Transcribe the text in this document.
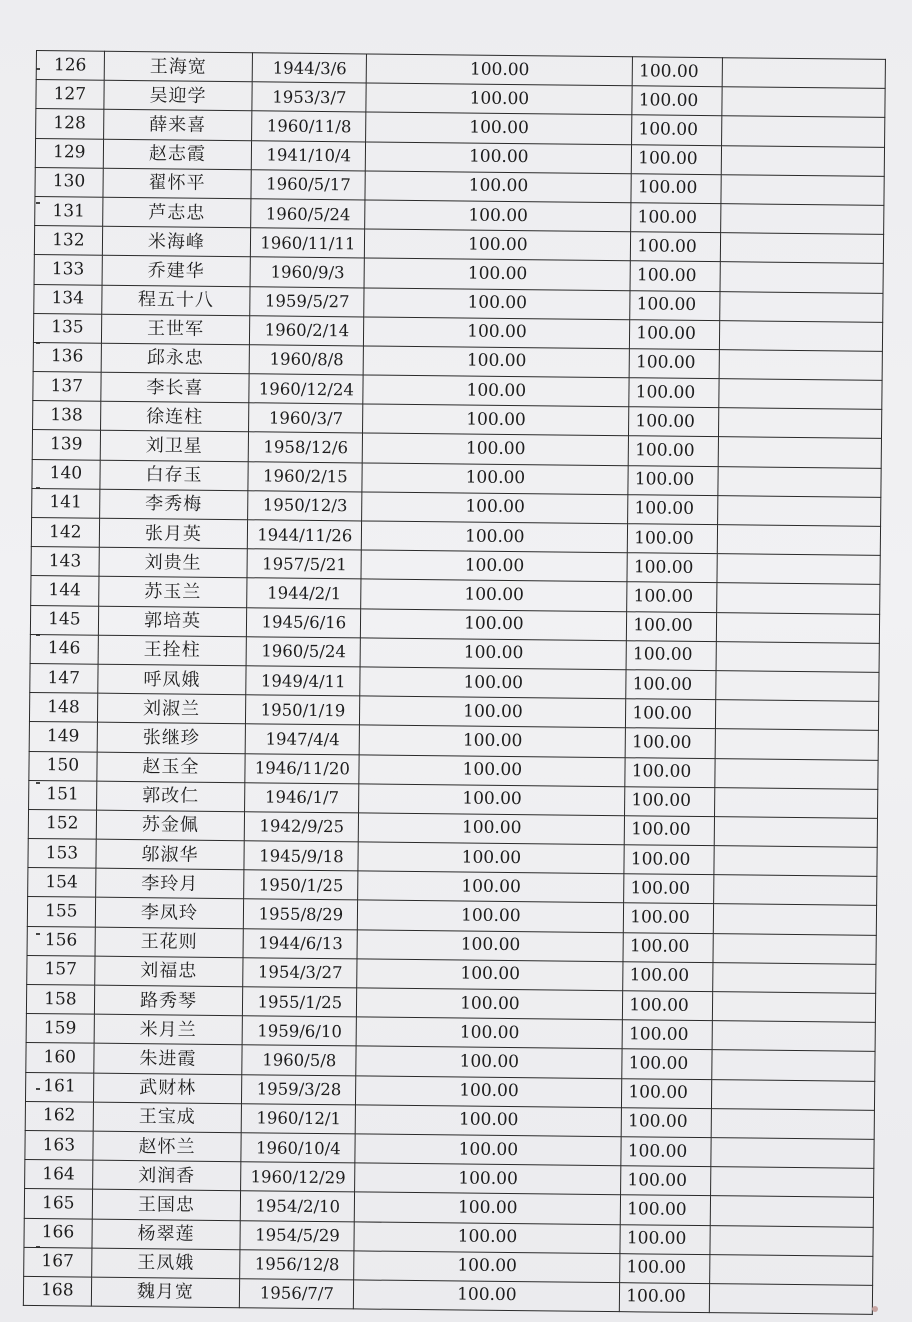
126	王海宽	1944/3/6	100.00	100.00	
127	吴迎学	1953/3/7	100.00	100.00	
128	薛来喜	1960/11/8	100.00	100.00	
129	赵志霞	1941/10/4	100.00	100.00	
130	翟怀平	1960/5/17	100.00	100.00	
131	芦志忠	1960/5/24	100.00	100.00	
132	米海峰	1960/11/11	100.00	100.00	
133	乔建华	1960/9/3	100.00	100.00	
134	程五十八	1959/5/27	100.00	100.00	
135	王世军	1960/2/14	100.00	100.00	
136	邱永忠	1960/8/8	100.00	100.00	
137	李长喜	1960/12/24	100.00	100.00	
138	徐连柱	1960/3/7	100.00	100.00	
139	刘卫星	1958/12/6	100.00	100.00	
140	白存玉	1960/2/15	100.00	100.00	
141	李秀梅	1950/12/3	100.00	100.00	
142	张月英	1944/11/26	100.00	100.00	
143	刘贵生	1957/5/21	100.00	100.00	
144	苏玉兰	1944/2/1	100.00	100.00	
145	郭培英	1945/6/16	100.00	100.00	
146	王拴柱	1960/5/24	100.00	100.00	
147	呼凤娥	1949/4/11	100.00	100.00	
148	刘淑兰	1950/1/19	100.00	100.00	
149	张继珍	1947/4/4	100.00	100.00	
150	赵玉全	1946/11/20	100.00	100.00	
151	郭改仁	1946/1/7	100.00	100.00	
152	苏金佩	1942/9/25	100.00	100.00	
153	邬淑华	1945/9/18	100.00	100.00	
154	李玲月	1950/1/25	100.00	100.00	
155	李凤玲	1955/8/29	100.00	100.00	
156	王花则	1944/6/13	100.00	100.00	
157	刘福忠	1954/3/27	100.00	100.00	
158	路秀琴	1955/1/25	100.00	100.00	
159	米月兰	1959/6/10	100.00	100.00	
160	朱进霞	1960/5/8	100.00	100.00	
161	武财林	1959/3/28	100.00	100.00	
162	王宝成	1960/12/1	100.00	100.00	
163	赵怀兰	1960/10/4	100.00	100.00	
164	刘润香	1960/12/29	100.00	100.00	
165	王国忠	1954/2/10	100.00	100.00	
166	杨翠莲	1954/5/29	100.00	100.00	
167	王凤娥	1956/12/8	100.00	100.00	
168	魏月宽	1956/7/7	100.00	100.00	
